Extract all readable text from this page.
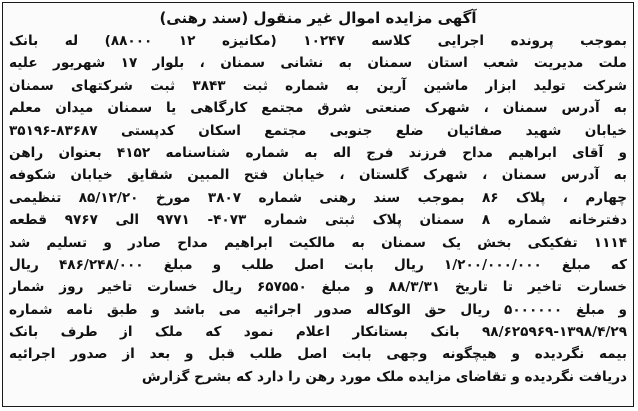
آگهی مزایده اموال غیر منقول (سند رهنی)
بموجب پرونده اجرایی کلاسه ۱۰۲۴۷ (مکانیزه ۱۲ ۸۸۰۰۰) له بانک
ملت مدیریت شعب استان سمنان به نشانی سمنان ، بلوار ۱۷ شهریور علیه
شرکت تولید ابزار ماشین آرین به شماره ثبت ۳۸۴۳ ثبت شرکتهای سمنان
به آدرس سمنان ، شهرک صنعتی شرق مجتمع کارگاهی یا سمنان میدان معلم
خیابان شهید صفائیان ضلع جنوبی مجتمع اسکان کدپستی ۸۳۶۸۷-۳۵۱۹۶
و آقای ابراهیم مداح فرزند فرج اله به شماره شناسنامه ۴۱۵۲ بعنوان راهن
به آدرس سمنان ، شهرک گلستان ، خیابان فتح المبین شقایق خیابان شکوفه
چهارم ، پلاک ۸۶ بموجب سند رهنی شماره ۳۸۰۷ مورخ ۸۵/۱۲/۲۰ تنظیمی
دفترخانه شماره ۸ سمنان پلاک ثبتی شماره ۴۰۷۳- ۹۷۷۱ الی ۹۷۶۷ قطعه
۱۱۱۴ تفکیکی بخش یک سمنان به مالکیت ابراهیم مداح صادر و تسلیم شد
که مبلغ ۱/۲۰۰/۰۰۰/۰۰۰ ریال بابت اصل طلب و مبلغ ۴۸۶/۲۴۸/۰۰۰ ریال
خسارت تاخیر تا تاریخ ۸۸/۳/۳۱ و مبلغ ۶۵۷۵۵۰ ریال خسارت تاخیر روز شمار
و مبلغ ۵۰۰۰۰۰۰ ریال حق الوکاله صدور اجرائیه می باشد و طبق نامه شماره
۹۸/۶۲۵۹۶۹-۱۳۹۸/۴/۲۹ بانک بستانکار اعلام نمود که ملک از طرف بانک
بیمه نگردیده و هیچگونه وجهی بابت اصل طلب قبل و بعد از صدور اجرائیه
دریافت نگردیده و تقاضای مزایده ملک مورد رهن را دارد که بشرح گزارش
